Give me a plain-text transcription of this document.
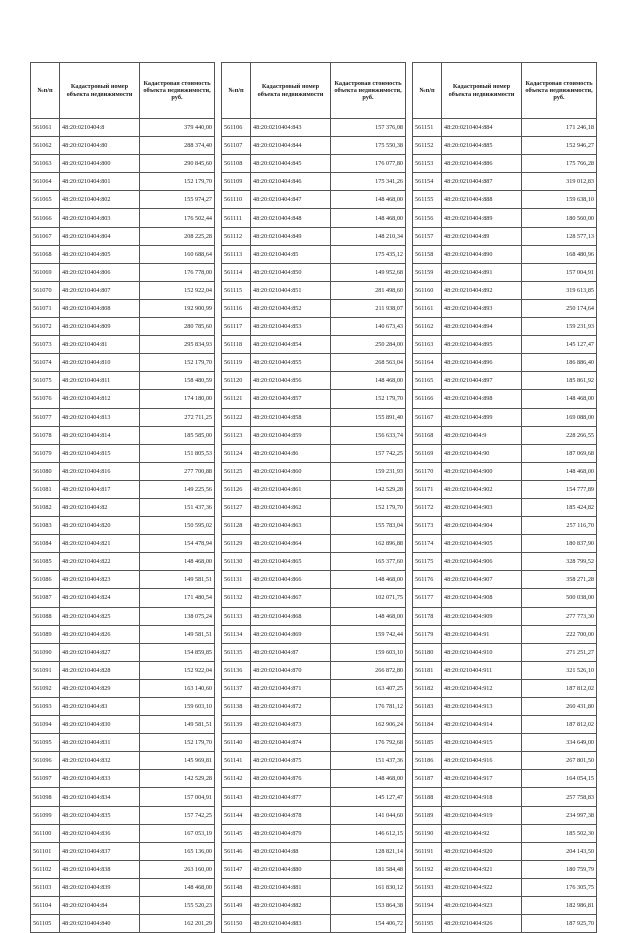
№п/п	Кадастровый номер объекта недвижимости	Кадастровая стоимость объекта недвижимости, руб.
561061	48:20:0210404:8	379 440,00
561062	48:20:0210404:80	288 374,40
561063	48:20:0210404:800	290 845,60
561064	48:20:0210404:801	152 179,70
561065	48:20:0210404:802	155 974,27
561066	48:20:0210404:803	176 502,44
561067	48:20:0210404:804	208 225,28
561068	48:20:0210404:805	160 688,64
561069	48:20:0210404:806	176 778,00
561070	48:20:0210404:807	152 922,04
561071	48:20:0210404:808	192 900,99
561072	48:20:0210404:809	280 785,60
561073	48:20:0210404:81	295 834,93
561074	48:20:0210404:810	152 179,70
561075	48:20:0210404:811	158 480,59
561076	48:20:0210404:812	174 180,00
561077	48:20:0210404:813	272 711,25
561078	48:20:0210404:814	185 585,00
561079	48:20:0210404:815	151 805,53
561080	48:20:0210404:816	277 700,88
561081	48:20:0210404:817	149 225,56
561082	48:20:0210404:82	151 437,36
561083	48:20:0210404:820	150 595,02
561084	48:20:0210404:821	154 478,94
561085	48:20:0210404:822	148 468,00
561086	48:20:0210404:823	149 581,51
561087	48:20:0210404:824	171 480,54
561088	48:20:0210404:825	138 075,24
561089	48:20:0210404:826	149 581,51
561090	48:20:0210404:827	154 859,85
561091	48:20:0210404:828	152 922,04
561092	48:20:0210404:829	163 140,60
561093	48:20:0210404:83	159 603,10
561094	48:20:0210404:830	149 581,51
561095	48:20:0210404:831	152 179,70
561096	48:20:0210404:832	145 969,81
561097	48:20:0210404:833	142 529,28
561098	48:20:0210404:834	157 004,91
561099	48:20:0210404:835	157 742,25
561100	48:20:0210404:836	167 053,19
561101	48:20:0210404:837	165 136,00
561102	48:20:0210404:838	263 160,00
561103	48:20:0210404:839	148 468,00
561104	48:20:0210404:84	155 520,23
561105	48:20:0210404:840	162 201,29
№п/п	Кадастровый номер объекта недвижимости	Кадастровая стоимость объекта недвижимости, руб.
561106	48:20:0210404:843	157 376,08
561107	48:20:0210404:844	175 550,38
561108	48:20:0210404:845	176 077,80
561109	48:20:0210404:846	175 341,26
561110	48:20:0210404:847	148 468,00
561111	48:20:0210404:848	148 468,00
561112	48:20:0210404:849	148 210,34
561113	48:20:0210404:85	175 435,12
561114	48:20:0210404:850	149 952,68
561115	48:20:0210404:851	281 498,60
561116	48:20:0210404:852	211 938,07
561117	48:20:0210404:853	140 673,43
561118	48:20:0210404:854	250 284,00
561119	48:20:0210404:855	268 563,04
561120	48:20:0210404:856	148 468,00
561121	48:20:0210404:857	152 179,70
561122	48:20:0210404:858	155 891,40
561123	48:20:0210404:859	156 633,74
561124	48:20:0210404:86	157 742,25
561125	48:20:0210404:860	159 231,93
561126	48:20:0210404:861	142 529,28
561127	48:20:0210404:862	152 179,70
561128	48:20:0210404:863	155 783,04
561129	48:20:0210404:864	162 896,88
561130	48:20:0210404:865	165 377,60
561131	48:20:0210404:866	148 468,00
561132	48:20:0210404:867	102 071,75
561133	48:20:0210404:868	148 468,00
561134	48:20:0210404:869	159 742,44
561135	48:20:0210404:87	159 603,10
561136	48:20:0210404:870	266 872,80
561137	48:20:0210404:871	163 407,25
561138	48:20:0210404:872	176 781,12
561139	48:20:0210404:873	162 906,24
561140	48:20:0210404:874	176 792,68
561141	48:20:0210404:875	151 437,36
561142	48:20:0210404:876	148 468,00
561143	48:20:0210404:877	145 127,47
561144	48:20:0210404:878	141 044,60
561145	48:20:0210404:879	146 612,15
561146	48:20:0210404:88	128 821,14
561147	48:20:0210404:880	181 584,48
561148	48:20:0210404:881	161 830,12
561149	48:20:0210404:882	153 864,38
561150	48:20:0210404:883	154 406,72
№п/п	Кадастровый номер объекта недвижимости	Кадастровая стоимость объекта недвижимости, руб.
561151	48:20:0210404:884	171 246,18
561152	48:20:0210404:885	152 946,27
561153	48:20:0210404:886	175 766,28
561154	48:20:0210404:887	319 012,83
561155	48:20:0210404:888	159 638,10
561156	48:20:0210404:889	180 560,00
561157	48:20:0210404:89	128 577,13
561158	48:20:0210404:890	168 480,96
561159	48:20:0210404:891	157 004,91
561160	48:20:0210404:892	319 613,85
561161	48:20:0210404:893	250 174,64
561162	48:20:0210404:894	159 231,93
561163	48:20:0210404:895	145 127,47
561164	48:20:0210404:896	186 886,40
561165	48:20:0210404:897	185 861,92
561166	48:20:0210404:898	148 468,00
561167	48:20:0210404:899	169 088,00
561168	48:20:0210404:9	228 266,55
561169	48:20:0210404:90	187 069,68
561170	48:20:0210404:900	148 468,00
561171	48:20:0210404:902	154 777,89
561172	48:20:0210404:903	185 424,82
561173	48:20:0210404:904	257 116,70
561174	48:20:0210404:905	180 837,90
561175	48:20:0210404:906	328 799,52
561176	48:20:0210404:907	358 271,28
561177	48:20:0210404:908	500 038,00
561178	48:20:0210404:909	277 773,30
561179	48:20:0210404:91	222 700,00
561180	48:20:0210404:910	271 251,27
561181	48:20:0210404:911	321 526,10
561182	48:20:0210404:912	187 812,02
561183	48:20:0210404:913	260 431,80
561184	48:20:0210404:914	187 812,02
561185	48:20:0210404:915	334 649,00
561186	48:20:0210404:916	267 801,50
561187	48:20:0210404:917	164 054,15
561188	48:20:0210404:918	257 758,83
561189	48:20:0210404:919	234 997,38
561190	48:20:0210404:92	185 502,30
561191	48:20:0210404:920	204 143,50
561192	48:20:0210404:921	180 759,79
561193	48:20:0210404:922	176 305,75
561194	48:20:0210404:923	182 986,81
561195	48:20:0210404:926	187 925,70
